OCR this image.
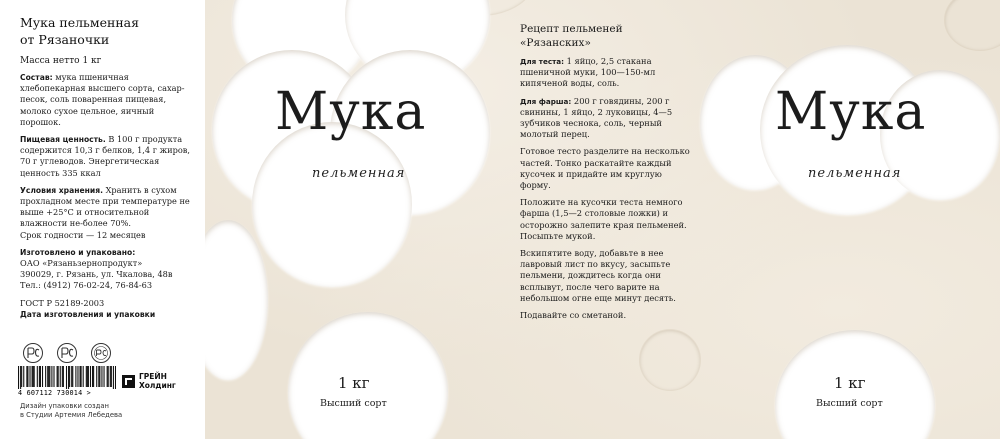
Мука
пельменная
1 кг
Высший сорт
Мука
пельменная
1 кг
Высший сорт
Рецепт пельменей
«Рязанских»

Для теста: 1 яйцо, 2,5 стакана пшеничной муки, 100—150-мл кипяченой воды, соль.

Для фарша: 200 г говядины, 200 г свинины, 1 яйцо, 2 луковицы, 4—5 зубчиков чеснока, соль, черный молотый перец.

Готовое тесто разделите на несколько частей. Тонко раскатайте каждый кусочек и придайте им круглую форму.

Положите на кусочки теста немного фарша (1,5—2 столовые ложки) и осторожно залепите края пельменей. Посыпьте мукой.

Вскипятите воду, добавьте в нее лавровый лист по вкусу, засыпьте пельмени, дождитесь когда они всплывут, после чего варите на небольшом огне еще минут десять.

Подавайте со сметаной.

Мука пельменная
от Рязаночки
Масса нетто 1 кг
Состав: мука пшеничная хлебопекарная высшего сорта, сахар-песок, соль поваренная пищевая, молоко сухое цельное, яичный порошок.
Пищевая ценность. В 100 г продукта содержится 10,3 г белков, 1,4 г жиров, 70 г углеводов. Энергетическая ценность 335 ккал
Условия хранения. Хранить в сухом прохладном месте при температуре не выше +25°C и относительной влажности не-более 70%.
Срок годности — 12 месяцев
Изготовлено и упаковано:
ОАО «Рязаньзернопродукт»
390029, г. Рязань, ул. Чкалова, 48в
Тел.: (4912) 76-02-24, 76-84-63
ГОСТ Р 52189-2003
Дата изготовления и упаковки
4 607112 730014 >
ГРЕЙН
Холдинг
Дизайн упаковки создан
в Студии Артемия Лебедева
